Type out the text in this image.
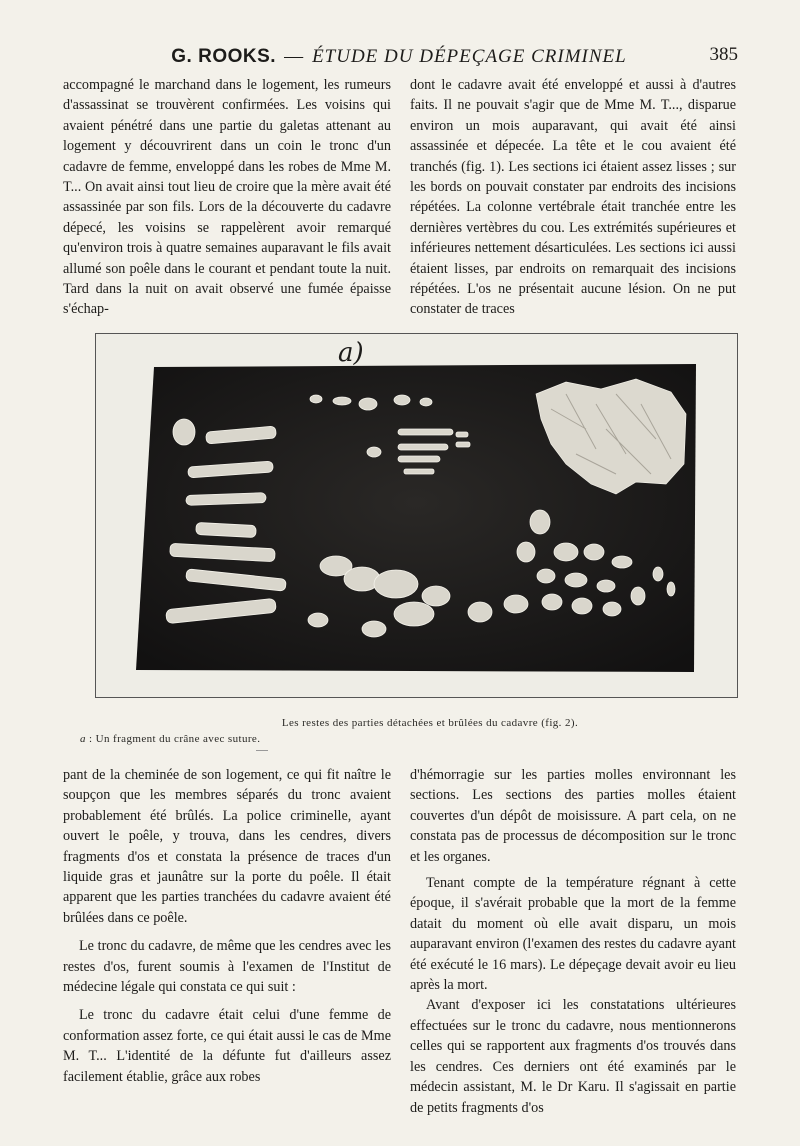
G. ROOKS. — ÉTUDE DU DÉPEÇAGE CRIMINEL	385

accompagné le marchand dans le logement, les rumeurs d'assassinat se trouvèrent confirmées. Les voisins qui avaient pénétré dans une partie du galetas attenant au logement y découvrirent dans un coin le tronc d'un cadavre de femme, enveloppé dans les robes de Mme M. T... On avait ainsi tout lieu de croire que la mère avait été assassinée par son fils. Lors de la découverte du cadavre dépecé, les voisins se rappelèrent avoir remarqué qu'environ trois à quatre semaines auparavant le fils avait allumé son poêle dans le courant et pendant toute la nuit. Tard dans la nuit on avait observé une fumée épaisse s'échap-

dont le cadavre avait été enveloppé et aussi à d'autres faits. Il ne pouvait s'agir que de Mme M. T..., disparue environ un mois auparavant, qui avait été ainsi assassinée et dépecée. La tête et le cou avaient été tranchés (fig. 1). Les sections ici étaient assez lisses ; sur les bords on pouvait constater par endroits des incisions répétées. La colonne vertébrale était tranchée entre les dernières vertèbres du cou. Les extrémités supérieures et inférieures nettement désarticulées. Les sections ici aussi étaient lisses, par endroits on remarquait des incisions répétées. L'os ne présentait aucune lésion. On ne put constater de traces

a)
Les restes des parties détachées et brûlées du cadavre (fig. 2).
a : Un fragment du crâne avec suture.

pant de la cheminée de son logement, ce qui fit naître le soupçon que les membres séparés du tronc avaient probablement été brûlés. La police criminelle, ayant ouvert le poêle, y trouva, dans les cendres, divers fragments d'os et constata la présence de traces d'un liquide gras et jaunâtre sur la porte du poêle. Il était apparent que les parties tranchées du cadavre avaient été brûlées dans ce poêle.

Le tronc du cadavre, de même que les cendres avec les restes d'os, furent soumis à l'examen de l'Institut de médecine légale qui constata ce qui suit :

Le tronc du cadavre était celui d'une femme de conformation assez forte, ce qui était aussi le cas de Mme M. T... L'identité de la défunte fut d'ailleurs assez facilement établie, grâce aux robes

d'hémorragie sur les parties molles environnant les sections. Les sections des parties molles étaient couvertes d'un dépôt de moisissure. A part cela, on ne constata pas de processus de décomposition sur le tronc et les organes.

Tenant compte de la température régnant à cette époque, il s'avérait probable que la mort de la femme datait du moment où elle avait disparu, un mois auparavant environ (l'examen des restes du cadavre ayant été exécuté le 16 mars). Le dépeçage devait avoir eu lieu après la mort.

Avant d'exposer ici les constatations ultérieures effectuées sur le tronc du cadavre, nous mentionnerons celles qui se rapportent aux fragments d'os trouvés dans les cendres. Ces derniers ont été examinés par le médecin assistant, M. le Dr Karu. Il s'agissait en partie de petits fragments d'os
